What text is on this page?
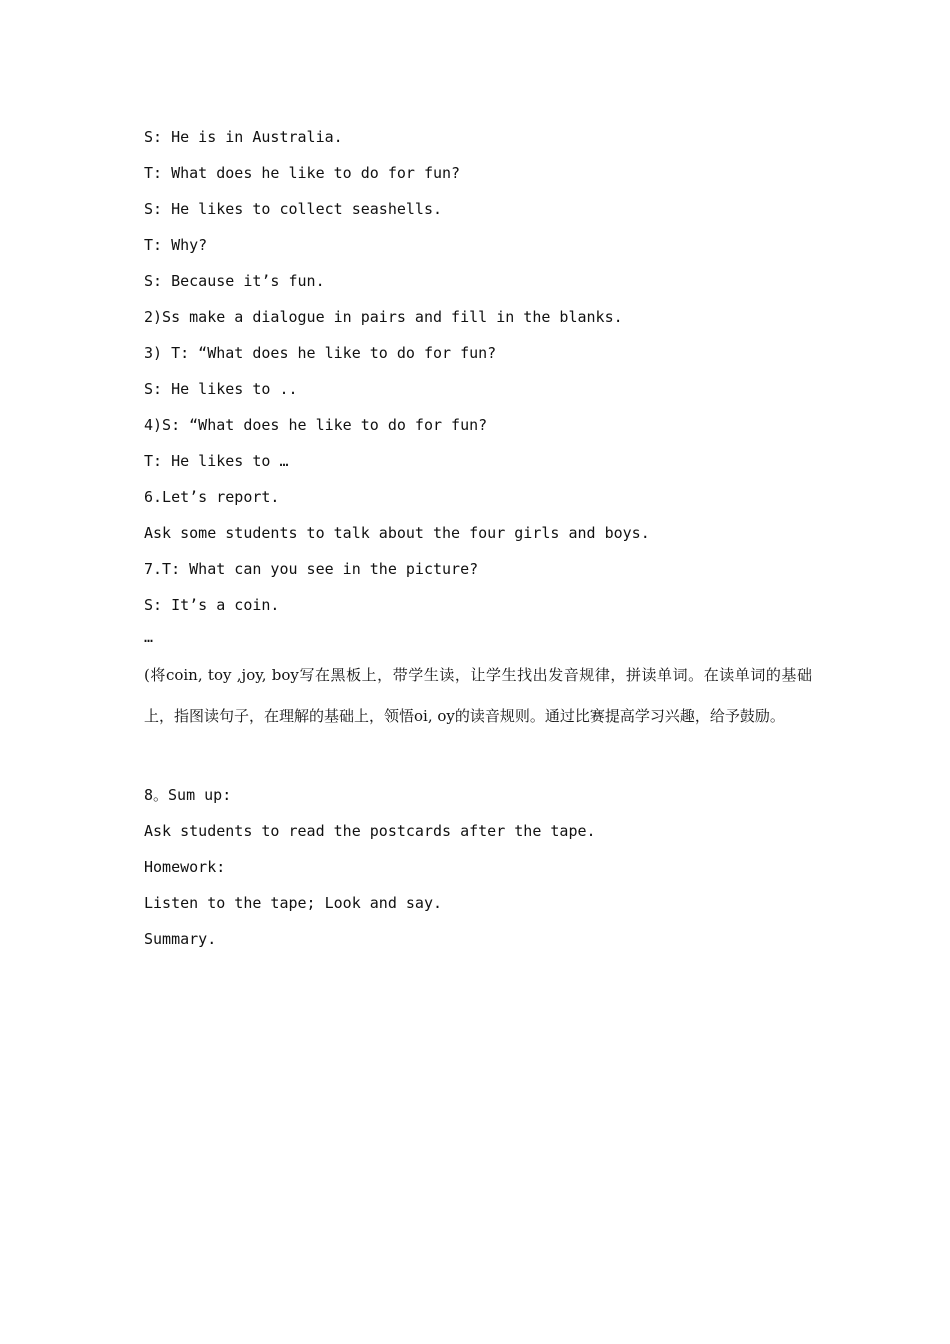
S: He is in Australia.
T: What does he like to do for fun?
S: He likes to collect seashells.
T: Why?
S: Because it’s fun.
2)Ss make a dialogue in pairs and fill in the blanks.
3) T: “What does he like to do for fun?
S: He likes to ..
4)S: “What does he like to do for fun?
T: He likes to …
6.Let’s report.
Ask some students to talk about the four girls and boys.
7.T: What can you see in the picture?
S: It’s a coin.
…
(将coin, toy ,joy, boy写在黑板上，带学生读，让学生找出发音规律，拼读单词。在读单词的基础上，指图读句子，在理解的基础上，领悟oi, oy的读音规则。通过比赛提高学习兴趣，给予鼓励。
8。Sum up:
Ask students to read the postcards after the tape.
Homework:
Listen to the tape; Look and say.
Summary.
